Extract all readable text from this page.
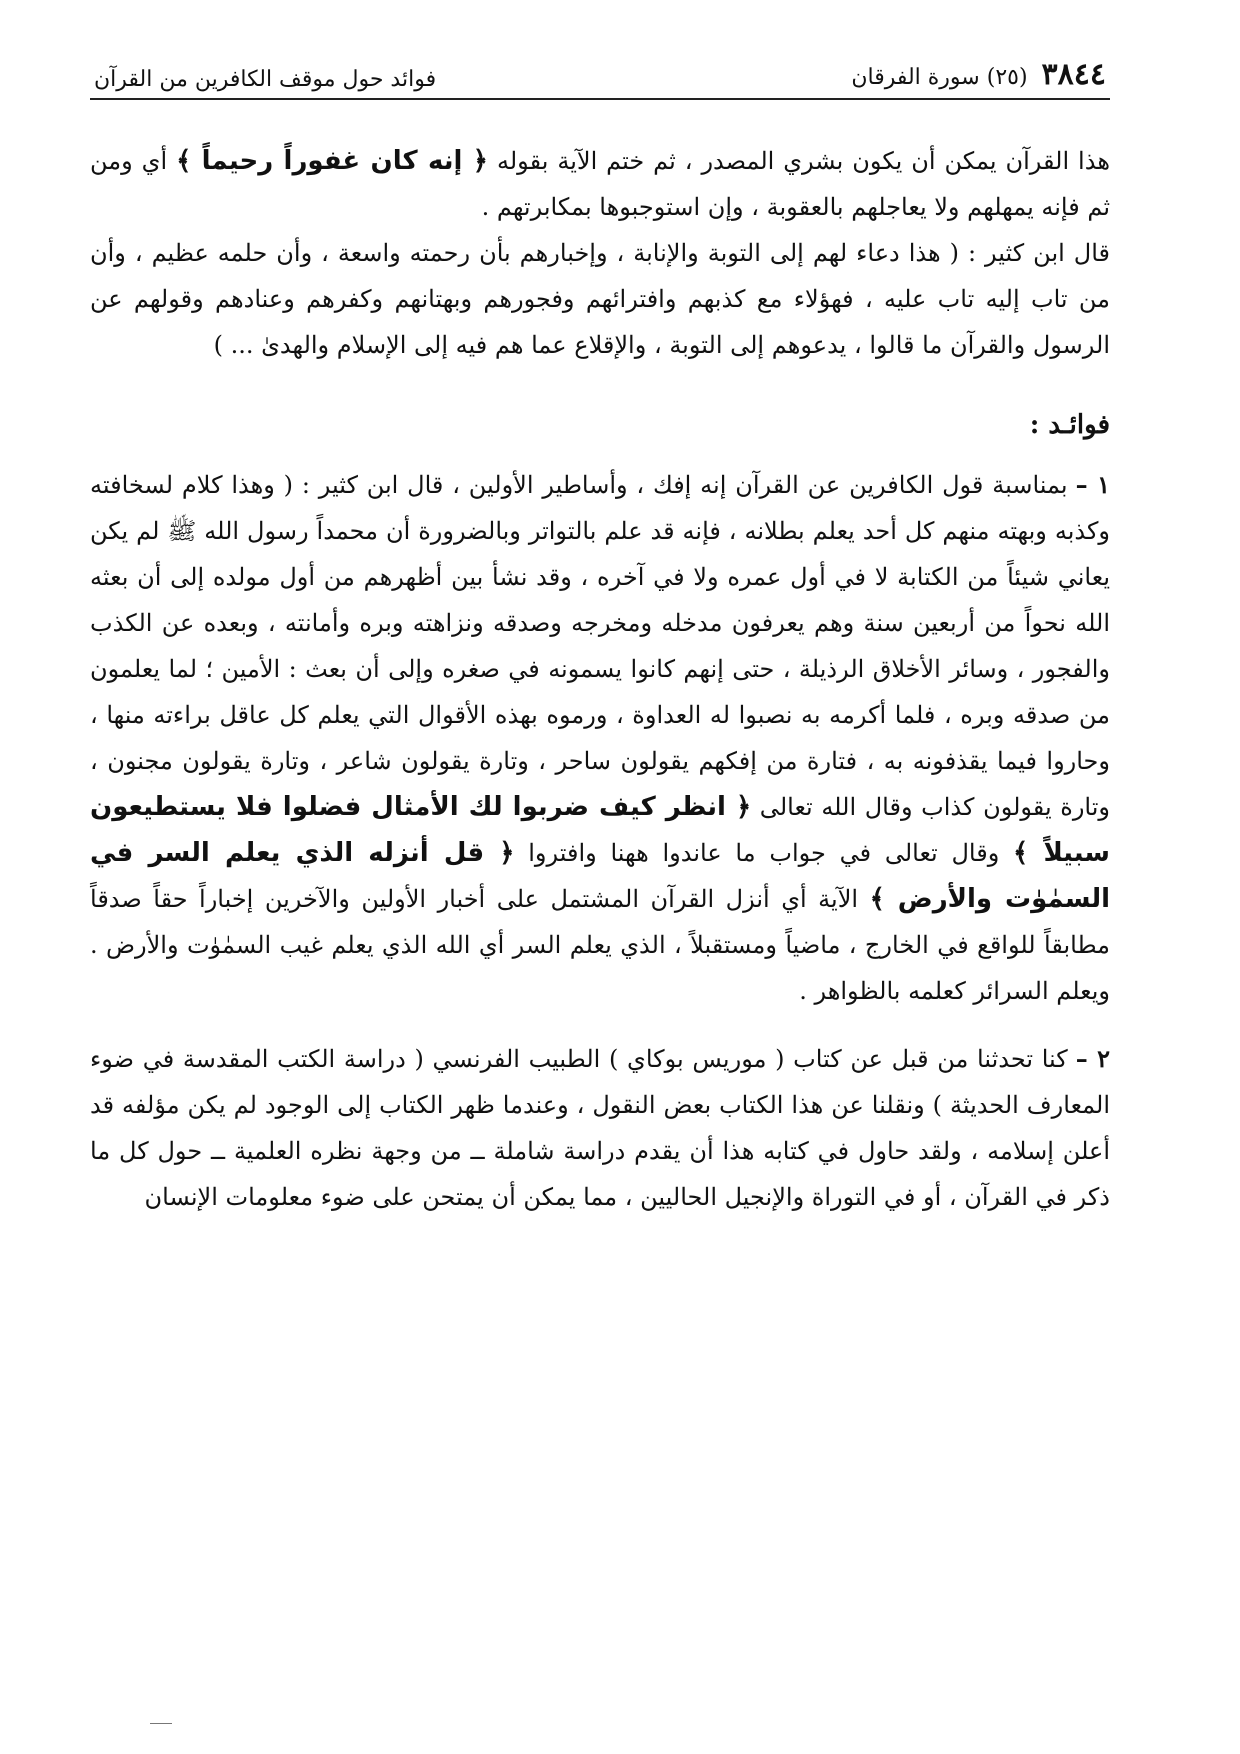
٣٨٤٤
(٢٥) سورة الفرقان
فوائد حول موقف الكافرين من القرآن

هذا القرآن يمكن أن يكون بشري المصدر ، ثم ختم الآية بقوله ﴿ إنه كان غفوراً رحيماً ﴾ أي ومن ثم فإنه يمهلهم ولا يعاجلهم بالعقوبة ، وإن استوجبوها بمكابرتهم .

قال ابن كثير : ( هذا دعاء لهم إلى التوبة والإنابة ، وإخبارهم بأن رحمته واسعة ، وأن حلمه عظيم ، وأن من تاب إليه تاب عليه ، فهؤلاء مع كذبهم وافترائهم وفجورهم وبهتانهم وكفرهم وعنادهم وقولهم عن الرسول والقرآن ما قالوا ، يدعوهم إلى التوبة ، والإقلاع عما هم فيه إلى الإسلام والهدىٰ ... )

فوائـد :

١ –بمناسبة قول الكافرين عن القرآن إنه إفك ، وأساطير الأولين ، قال ابن كثير : ( وهذا كلام لسخافته وكذبه وبهته منهم كل أحد يعلم بطلانه ، فإنه قد علم بالتواتر وبالضرورة أن محمداً رسول الله ﷺ لم يكن يعاني شيئاً من الكتابة لا في أول عمره ولا في آخره ، وقد نشأ بين أظهرهم من أول مولده إلى أن بعثه الله نحواً من أربعين سنة وهم يعرفون مدخله ومخرجه وصدقه ونزاهته وبره وأمانته ، وبعده عن الكذب والفجور ، وسائر الأخلاق الرذيلة ، حتى إنهم كانوا يسمونه في صغره وإلى أن بعث : الأمين ؛ لما يعلمون من صدقه وبره ، فلما أكرمه به نصبوا له العداوة ، ورموه بهذه الأقوال التي يعلم كل عاقل براءته منها ، وحاروا فيما يقذفونه به ، فتارة من إفكهم يقولون ساحر ، وتارة يقولون شاعر ، وتارة يقولون مجنون ، وتارة يقولون كذاب وقال الله تعالى ﴿ انظر كيف ضربوا لك الأمثال فضلوا فلا يستطيعون سبيلاً ﴾ وقال تعالى في جواب ما عاندوا ههنا وافتروا ﴿ قل أنزله الذي يعلم السر في السمٰوٰت والأرض ﴾ الآية أي أنزل القرآن المشتمل على أخبار الأولين والآخرين إخباراً حقاً صدقاً مطابقاً للواقع في الخارج ، ماضياً ومستقبلاً ، الذي يعلم السر أي الله الذي يعلم غيب السمٰوٰت والأرض . ويعلم السرائر كعلمه بالظواهر .

٢ –كنا تحدثنا من قبل عن كتاب ( موريس بوكاي ) الطبيب الفرنسي ( دراسة الكتب المقدسة في ضوء المعارف الحديثة ) ونقلنا عن هذا الكتاب بعض النقول ، وعندما ظهر الكتاب إلى الوجود لم يكن مؤلفه قد أعلن إسلامه ، ولقد حاول في كتابه هذا أن يقدم دراسة شاملة ــ من وجهة نظره العلمية ــ حول كل ما ذكر في القرآن ، أو في التوراة والإنجيل الحاليين ، مما يمكن أن يمتحن على ضوء معلومات الإنسان
